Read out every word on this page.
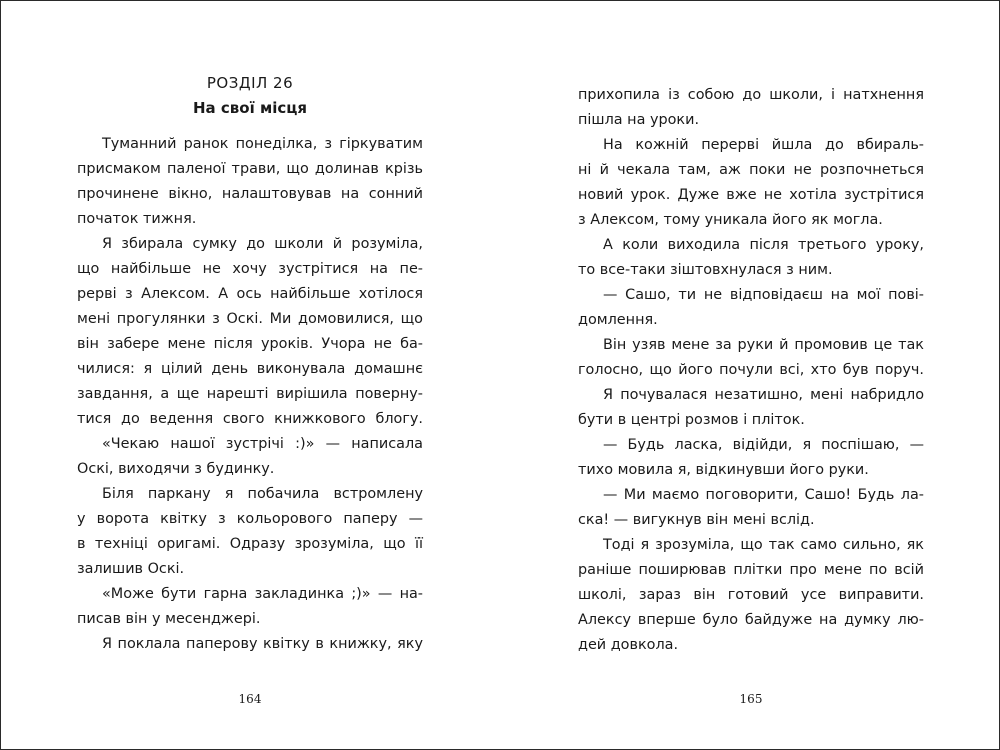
РОЗДІЛ 26
На свої місця
Туманний ранок понеділка, з гіркуватим
присмаком паленої трави, що долинав крізь
прочинене вікно, налаштовував на сонний
початок тижня.
Я збирала сумку до школи й розуміла,
що найбільше не хочу зустрітися на пе-
рерві з Алексом. А ось найбільше хотілося
мені прогулянки з Оскі. Ми домовилися, що
він забере мене після уроків. Учора не ба-
чилися: я цілий день виконувала домашнє
завдання, а ще нарешті вирішила поверну-
тися до ведення свого книжкового блогу.
«Чекаю нашої зустрічі :)» — написала
Оскі, виходячи з будинку.
Біля паркану я побачила встромлену
у ворота квітку з кольорового паперу —
в техніці оригамі. Одразу зрозуміла, що її
залишив Оскі.
«Може бути гарна закладинка ;)» — на-
писав він у месенджері.
Я поклала паперову квітку в книжку, яку
164
прихопила із собою до школи, і натхнення
пішла на уроки.
На кожній перерві йшла до вбираль-
ні й чекала там, аж поки не розпочнеться
новий урок. Дуже вже не хотіла зустрітися
з Алексом, тому уникала його як могла.
А коли виходила після третього уроку,
то все-таки зіштовхнулася з ним.
— Сашо, ти не відповідаєш на мої пові-
домлення.
Він узяв мене за руки й промовив це так
голосно, що його почули всі, хто був поруч.
Я почувалася незатишно, мені набридло
бути в центрі розмов і пліток.
— Будь ласка, відійди, я поспішаю, —
тихо мовила я, відкинувши його руки.
— Ми маємо поговорити, Сашо! Будь ла-
ска! — вигукнув він мені вслід.
Тоді я зрозуміла, що так само сильно, як
раніше поширював плітки про мене по всій
школі, зараз він готовий усе виправити.
Алексу вперше було байдуже на думку лю-
дей довкола.
165
